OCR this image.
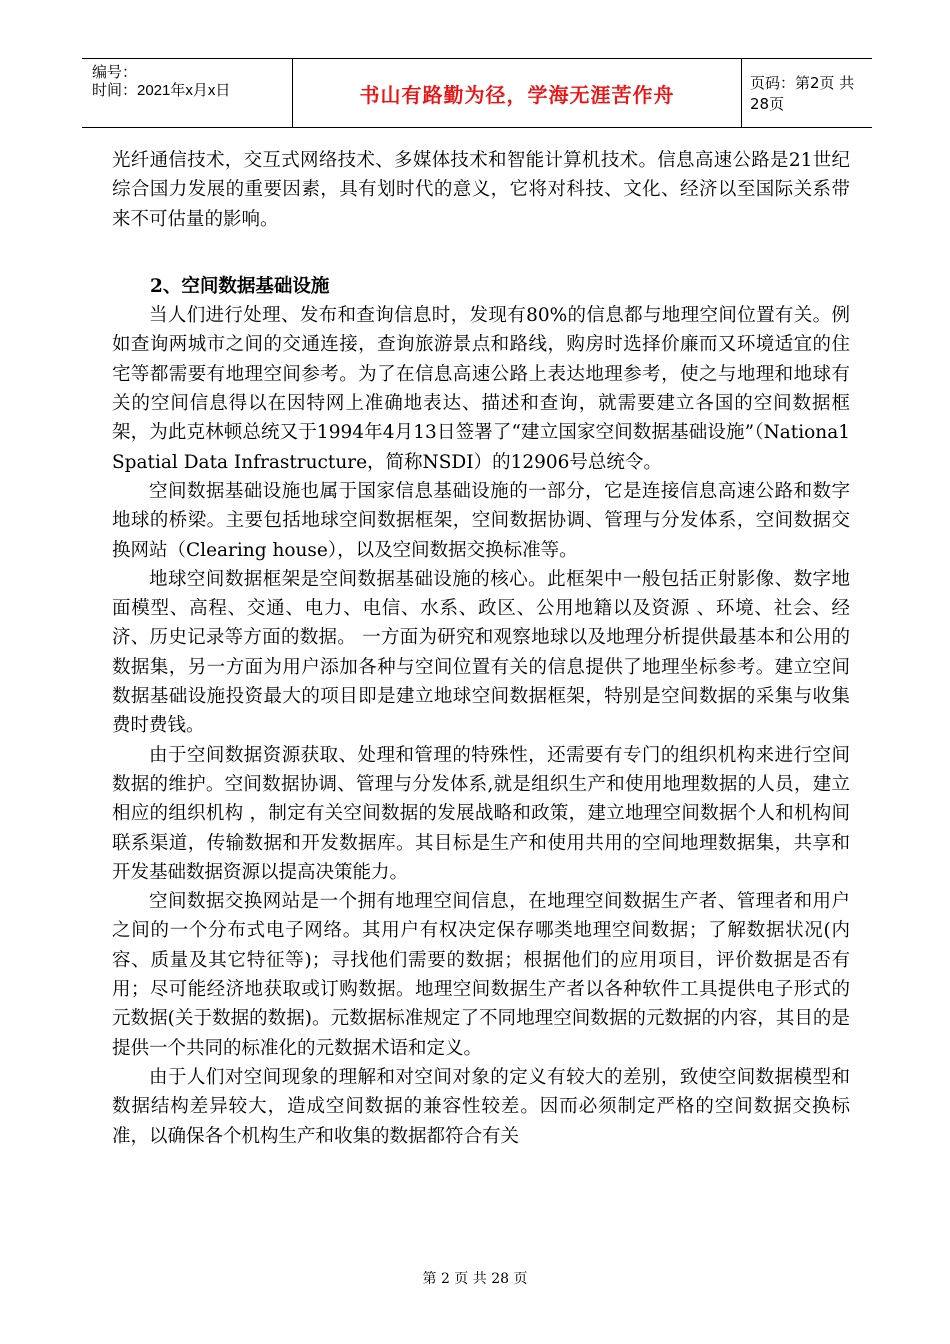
编号：
时间：2021年x月x日	书山有路勤为径，学海无涯苦作舟	页码：第2页 共28页

光纤通信技术，交互式网络技术、多媒体技术和智能计算机技术。信息高速公路是21世纪综合国力发展的重要因素，具有划时代的意义，它将对科技、文化、经济以至国际关系带来不可估量的影响。

2、空间数据基础设施

当人们进行处理、发布和查询信息时，发现有80%的信息都与地理空间位置有关。例如查询两城市之间的交通连接，查询旅游景点和路线，购房时选择价廉而又环境适宜的住宅等都需要有地理空间参考。为了在信息高速公路上表达地理参考，使之与地理和地球有关的空间信息得以在因特网上准确地表达、描述和查询，就需要建立各国的空间数据框架，为此克林顿总统又于1994年4月13日签署了“建立国家空间数据基础设施”（Nationa1 Spatial Data Infrastructure，简称NSDI）的12906号总统令。

空间数据基础设施也属于国家信息基础设施的一部分，它是连接信息高速公路和数字地球的桥梁。主要包括地球空间数据框架，空间数据协调、管理与分发体系，空间数据交换网站（Clearing house），以及空间数据交换标准等。

地球空间数据框架是空间数据基础设施的核心。此框架中一般包括正射影像、数字地面模型、高程、交通、电力、电信、水系、政区、公用地籍以及资源 、环境、社会、经济、历史记录等方面的数据。 一方面为研究和观察地球以及地理分析提供最基本和公用的数据集，另一方面为用户添加各种与空间位置有关的信息提供了地理坐标参考。建立空间数据基础设施投资最大的项目即是建立地球空间数据框架，特别是空间数据的采集与收集费时费钱。

由于空间数据资源获取、处理和管理的特殊性，还需要有专门的组织机构来进行空间数据的维护。空间数据协调、管理与分发体系,就是组织生产和使用地理数据的人员，建立相应的组织机构 ，制定有关空间数据的发展战略和政策，建立地理空间数据个人和机构间联系渠道，传输数据和开发数据库。其目标是生产和使用共用的空间地理数据集，共享和开发基础数据资源以提高决策能力。

空间数据交换网站是一个拥有地理空间信息，在地理空间数据生产者、管理者和用户之间的一个分布式电子网络。其用户有权决定保存哪类地理空间数据；了解数据状况(内容、质量及其它特征等)；寻找他们需要的数据；根据他们的应用项目，评价数据是否有用；尽可能经济地获取或订购数据。地理空间数据生产者以各种软件工具提供电子形式的元数据(关于数据的数据)。元数据标准规定了不同地理空间数据的元数据的内容，其目的是提供一个共同的标准化的元数据术语和定义。

由于人们对空间现象的理解和对空间对象的定义有较大的差别，致使空间数据模型和数据结构差异较大，造成空间数据的兼容性较差。因而必须制定严格的空间数据交换标准，以确保各个机构生产和收集的数据都符合有关

第 2 页 共 28 页
